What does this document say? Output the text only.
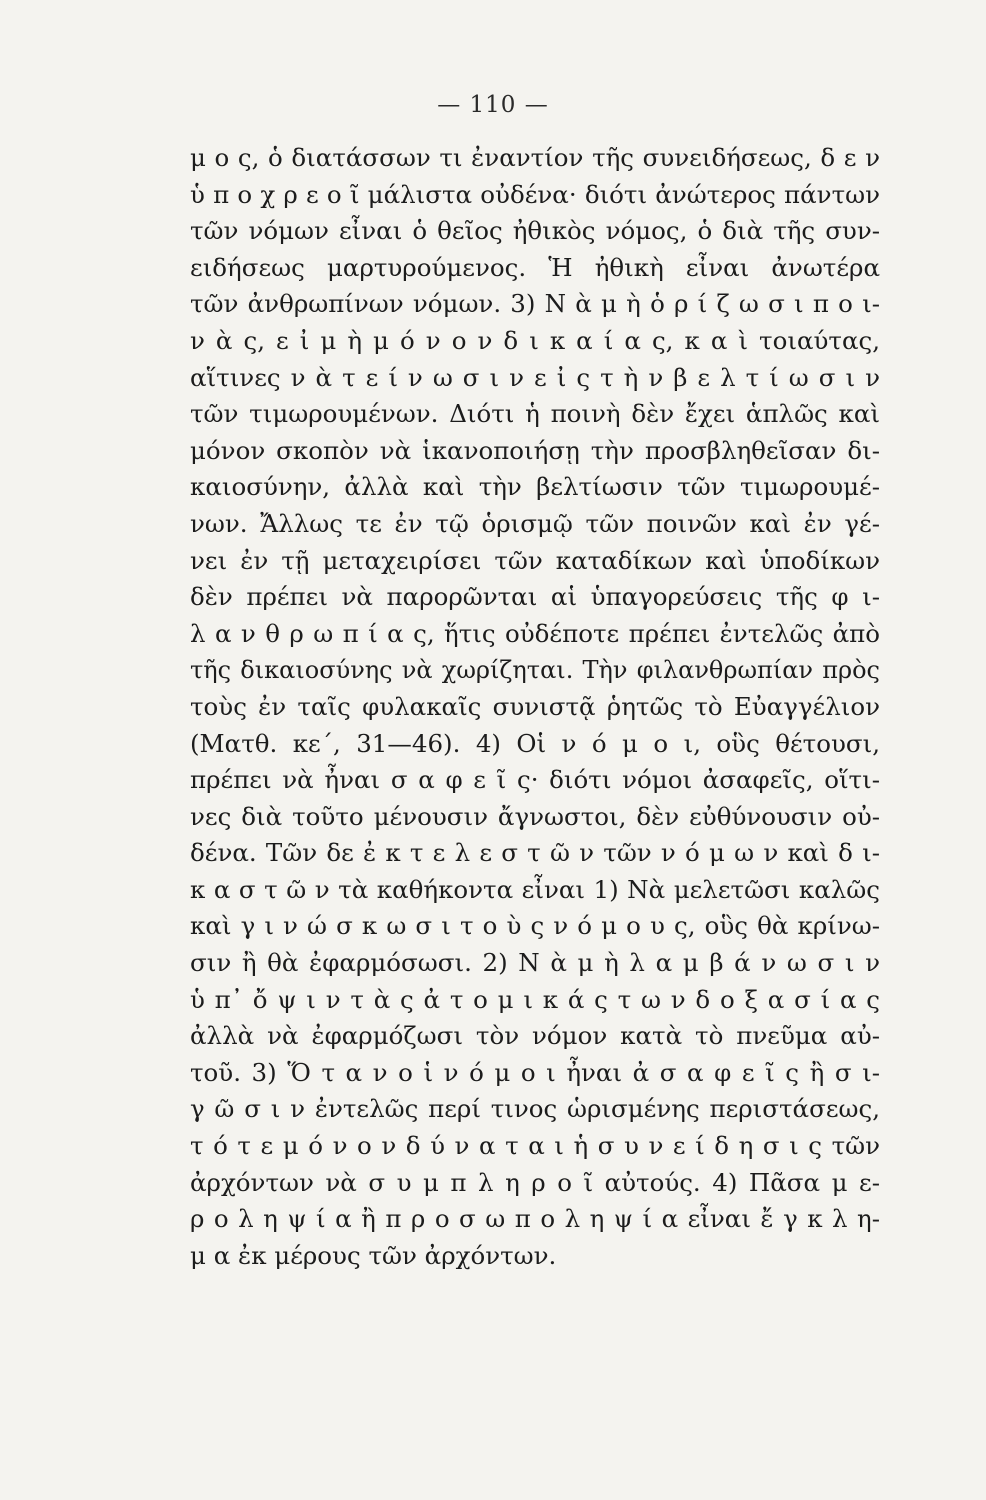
— 110 —
μ ο ς, ὁ διατάσσων τι ἐναντίον τῆς συνειδήσεως, δ ε ν
ὑ π ο χ ρ ε ο ῖ μάλιστα οὐδένα· διότι ἀνώτερος πάντων
τῶν νόμων εἶναι ὁ θεῖος ἠθικὸς νόμος, ὁ διὰ τῆς συν-
ειδήσεως μαρτυρούμενος. Ἡ ἠθικὴ εἶναι ἀνωτέρα
τῶν ἀνθρωπίνων νόμων. 3) Ν ὰ μ ὴ ὁ ρ ί ζ ω σ ι π ο ι-
ν ὰ ς, ε ἰ μ ὴ μ ό ν ο ν δ ι κ α ί α ς, κ α ὶ τοιαύτας,
αἵτινες ν ὰ τ ε ί ν ω σ ι ν ε ἰ ς τ ὴ ν β ε λ τ ί ω σ ι ν
τῶν τιμωρουμένων. Διότι ἡ ποινὴ δὲν ἔχει ἁπλῶς καὶ
μόνον σκοπὸν νὰ ἱκανοποιήσῃ τὴν προσβληθεῖσαν δι-
καιοσύνην, ἀλλὰ καὶ τὴν βελτίωσιν τῶν τιμωρουμέ-
νων. Ἄλλως τε ἐν τῷ ὁρισμῷ τῶν ποινῶν καὶ ἐν γέ-
νει ἐν τῇ μεταχειρίσει τῶν καταδίκων καὶ ὑποδίκων
δὲν πρέπει νὰ παρορῶνται αἱ ὑπαγορεύσεις τῆς φ ι-
λ α ν θ ρ ω π ί α ς, ἥτις οὐδέποτε πρέπει ἐντελῶς ἀπὸ
τῆς δικαιοσύνης νὰ χωρίζηται. Τὴν φιλανθρωπίαν πρὸς
τοὺς ἐν ταῖς φυλακαῖς συνιστᾷ ῥητῶς τὸ Εὐαγγέλιον
(Ματθ. κε΄, 31—46). 4) Οἱ ν ό μ ο ι, οὓς θέτουσι,
πρέπει νὰ ἦναι σ α φ ε ῖ ς· διότι νόμοι ἀσαφεῖς, οἵτι-
νες διὰ τοῦτο μένουσιν ἄγνωστοι, δὲν εὐθύνουσιν οὐ-
δένα. Τῶν δε ἐ κ τ ε λ ε σ τ ῶ ν τῶν ν ό μ ω ν καὶ δ ι-
κ α σ τ ῶ ν τὰ καθήκοντα εἶναι 1) Νὰ μελετῶσι καλῶς
καὶ γ ι ν ώ σ κ ω σ ι τ ο ὺ ς ν ό μ ο υ ς, οὓς θὰ κρίνω-
σιν ἢ θὰ ἐφαρμόσωσι. 2) Ν ὰ μ ὴ λ α μ β ά ν ω σ ι ν
ὑ π᾿ ὄ ψ ι ν τ ὰ ς ἀ τ ο μ ι κ ά ς τ ω ν δ ο ξ α σ ί α ς
ἀλλὰ νὰ ἐφαρμόζωσι τὸν νόμον κατὰ τὸ πνεῦμα αὐ-
τοῦ. 3) Ὅ τ α ν ο ἱ ν ό μ ο ι ἦναι ἀ σ α φ ε ῖ ς ἢ σ ι-
γ ῶ σ ι ν ἐντελῶς περί τινος ὡρισμένης περιστάσεως,
τ ό τ ε μ ό ν ο ν δ ύ ν α τ α ι ἡ σ υ ν ε ί δ η σ ι ς τῶν
ἀρχόντων νὰ σ υ μ π λ η ρ ο ῖ αὐτούς. 4) Πᾶσα μ ε-
ρ ο λ η ψ ί α ἢ π ρ ο σ ω π ο λ η ψ ί α εἶναι ἔ γ κ λ η-
μ α ἐκ μέρους τῶν ἀρχόντων.
